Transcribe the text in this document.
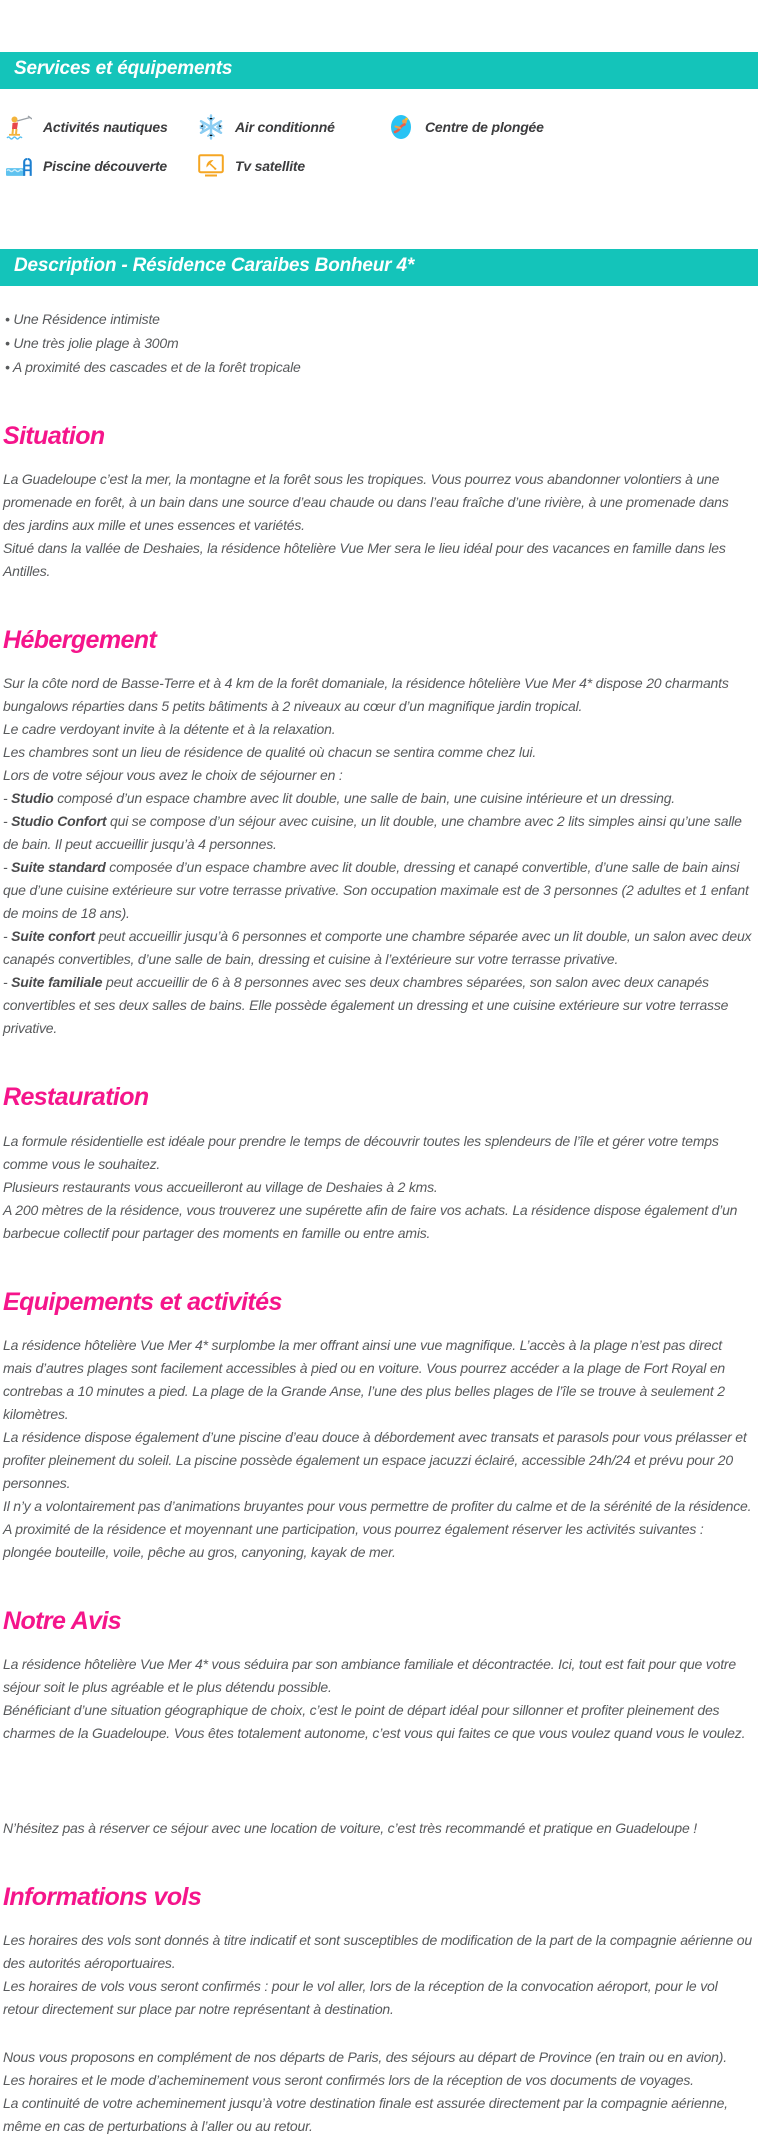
Services et équipements
Activités nautiques	Air conditionné	Centre de plongée
Piscine découverte	Tv satellite
Description - Résidence Caraibes Bonheur 4*
• Une Résidence intimiste
• Une très jolie plage à 300m
• A proximité des cascades et de la forêt tropicale
Situation

La Guadeloupe c’est la mer, la montagne et la forêt sous les tropiques. Vous pourrez vous abandonner volontiers à une promenade en forêt, à un bain dans une source d’eau chaude ou dans l’eau fraîche d’une rivière, à une promenade dans des jardins aux mille et unes essences et variétés.

Situé dans la vallée de Deshaies, la résidence hôtelière Vue Mer sera le lieu idéal pour des vacances en famille dans les Antilles.

Hébergement

Sur la côte nord de Basse-Terre et à 4 km de la forêt domaniale, la résidence hôtelière Vue Mer 4* dispose 20 charmants bungalows réparties dans 5 petits bâtiments à 2 niveaux au cœur d’un magnifique jardin tropical.

Le cadre verdoyant invite à la détente et à la relaxation.

Les chambres sont un lieu de résidence de qualité où chacun se sentira comme chez lui.

Lors de votre séjour vous avez le choix de séjourner en :

- Studio composé d’un espace chambre avec lit double, une salle de bain, une cuisine intérieure et un dressing.

- Studio Confort qui se compose d’un séjour avec cuisine, un lit double, une chambre avec 2 lits simples ainsi qu’une salle de bain. Il peut accueillir jusqu’à 4 personnes.

- Suite standard composée d’un espace chambre avec lit double, dressing et canapé convertible, d’une salle de bain ainsi que d’une cuisine extérieure sur votre terrasse privative. Son occupation maximale est de 3 personnes (2 adultes et 1 enfant de moins de 18 ans).

- Suite confort peut accueillir jusqu’à 6 personnes et comporte une chambre séparée avec un lit double, un salon avec deux canapés convertibles, d’une salle de bain, dressing et cuisine à l’extérieure sur votre terrasse privative.

- Suite familiale peut accueillir de 6 à 8 personnes avec ses deux chambres séparées, son salon avec deux canapés convertibles et ses deux salles de bains. Elle possède également un dressing et une cuisine extérieure sur votre terrasse privative.

Restauration

La formule résidentielle est idéale pour prendre le temps de découvrir toutes les splendeurs de l’île et gérer votre temps comme vous le souhaitez.

Plusieurs restaurants vous accueilleront au village de Deshaies à 2 kms.

A 200 mètres de la résidence, vous trouverez une supérette afin de faire vos achats. La résidence dispose également d’un barbecue collectif pour partager des moments en famille ou entre amis.

Equipements et activités

La résidence hôtelière Vue Mer 4* surplombe la mer offrant ainsi une vue magnifique. L’accès à la plage n’est pas direct mais d’autres plages sont facilement accessibles à pied ou en voiture. Vous pourrez accéder a la plage de Fort Royal en contrebas a 10 minutes a pied. La plage de la Grande Anse, l’une des plus belles plages de l’île se trouve à seulement 2 kilomètres.

La résidence dispose également d’une piscine d’eau douce à débordement avec transats et parasols pour vous prélasser et profiter pleinement du soleil. La piscine possède également un espace jacuzzi éclairé, accessible 24h/24 et prévu pour 20 personnes.

Il n’y a volontairement pas d’animations bruyantes pour vous permettre de profiter du calme et de la sérénité de la résidence.

A proximité de la résidence et moyennant une participation, vous pourrez également réserver les activités suivantes : plongée bouteille, voile, pêche au gros, canyoning, kayak de mer.

Notre Avis

La résidence hôtelière Vue Mer 4* vous séduira par son ambiance familiale et décontractée. Ici, tout est fait pour que votre séjour soit le plus agréable et le plus détendu possible.

Bénéficiant d’une situation géographique de choix, c’est le point de départ idéal pour sillonner et profiter pleinement des charmes de la Guadeloupe. Vous êtes totalement autonome, c’est vous qui faites ce que vous voulez quand vous le voulez.

N’hésitez pas à réserver ce séjour avec une location de voiture, c’est très recommandé et pratique en Guadeloupe !

Informations vols

Les horaires des vols sont donnés à titre indicatif et sont susceptibles de modification de la part de la compagnie aérienne ou des autorités aéroportuaires.

Les horaires de vols vous seront confirmés : pour le vol aller, lors de la réception de la convocation aéroport, pour le vol retour directement sur place par notre représentant à destination.

Nous vous proposons en complément de nos départs de Paris, des séjours au départ de Province (en train ou en avion).

Les horaires et le mode d’acheminement vous seront confirmés lors de la réception de vos documents de voyages.

La continuité de votre acheminement jusqu’à votre destination finale est assurée directement par la compagnie aérienne, même en cas de perturbations à l’aller ou au retour.
